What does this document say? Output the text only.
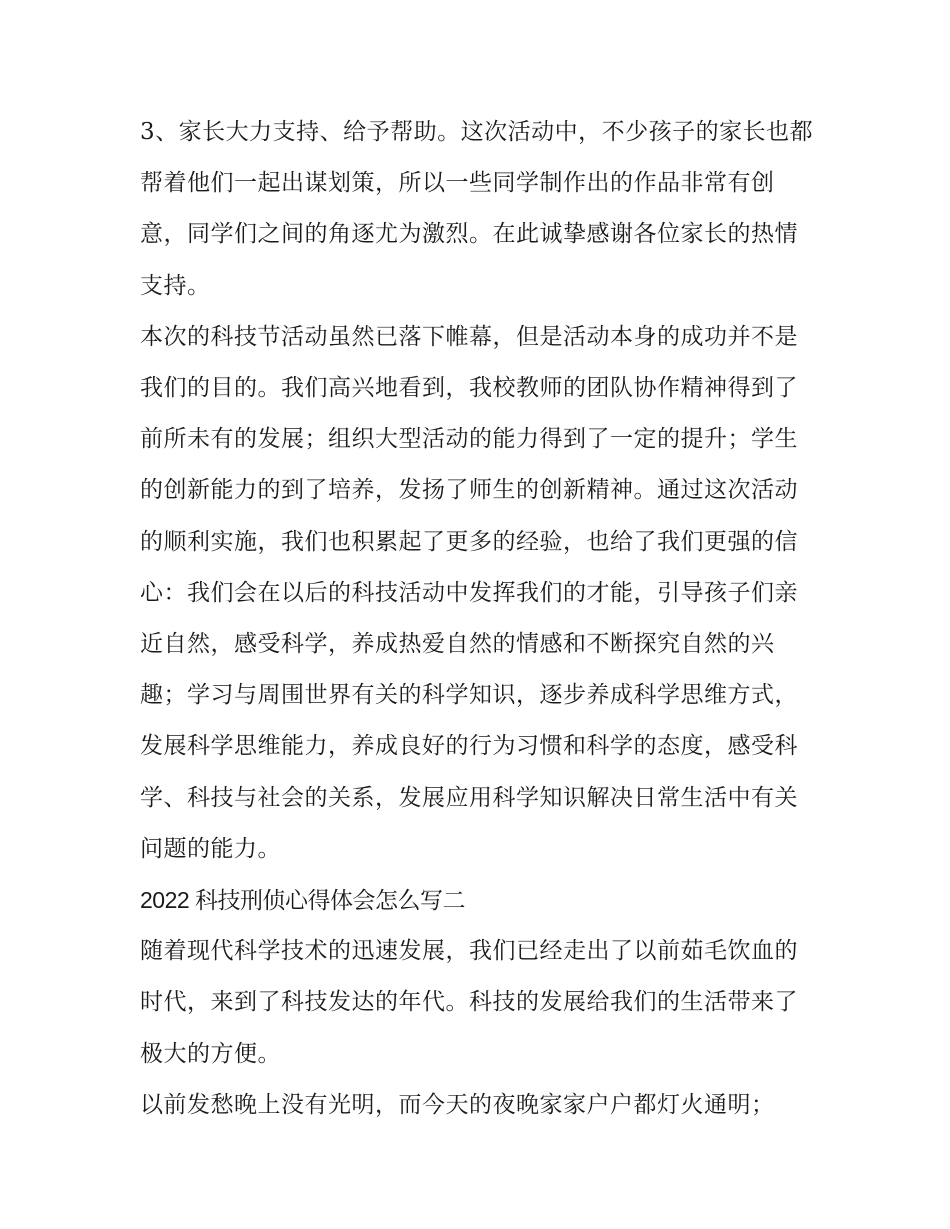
3、家长大力支持、给予帮助。这次活动中，不少孩子的家长也都帮着他们一起出谋划策，所以一些同学制作出的作品非常有创意，同学们之间的角逐尤为激烈。在此诚挚感谢各位家长的热情支持。

本次的科技节活动虽然已落下帷幕，但是活动本身的成功并不是我们的目的。我们高兴地看到，我校教师的团队协作精神得到了前所未有的发展；组织大型活动的能力得到了一定的提升；学生的创新能力的到了培养，发扬了师生的创新精神。通过这次活动的顺利实施，我们也积累起了更多的经验，也给了我们更强的信心：我们会在以后的科技活动中发挥我们的才能，引导孩子们亲近自然，感受科学，养成热爱自然的情感和不断探究自然的兴趣；学习与周围世界有关的科学知识，逐步养成科学思维方式，发展科学思维能力，养成良好的行为习惯和科学的态度，感受科学、科技与社会的关系，发展应用科学知识解决日常生活中有关问题的能力。

2022 科技刑侦心得体会怎么写二

随着现代科学技术的迅速发展，我们已经走出了以前茹毛饮血的时代，来到了科技发达的年代。科技的发展给我们的生活带来了极大的方便。

以前发愁晚上没有光明，而今天的夜晚家家户户都灯火通明；
